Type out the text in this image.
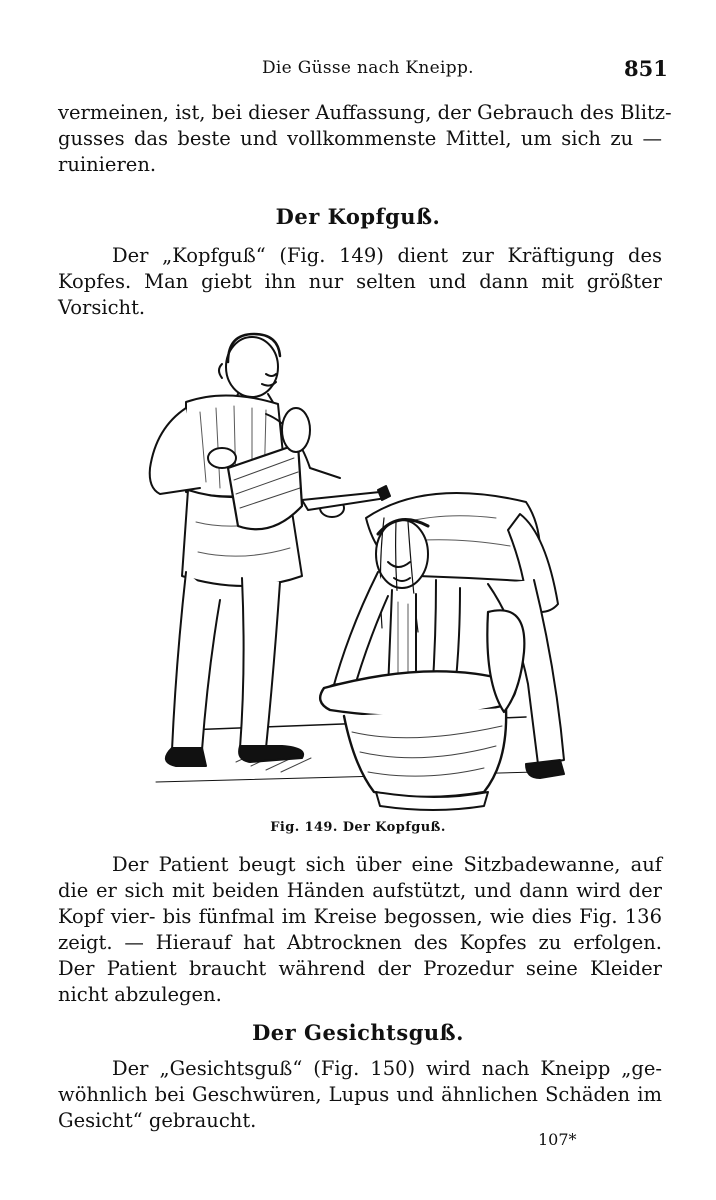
Die Güsse nach Kneipp.	851
vermeinen, ist, bei dieser Auffassung, der Gebrauch des Blitz-
gusses das beste und vollkommenste Mittel, um sich zu —
ruinieren.
Der Kopfguß.
Der „Kopfguß“ (Fig. 149) dient zur Kräftigung des
Kopfes. Man giebt ihn nur selten und dann mit größter
Vorsicht.
Fig. 149. Der Kopfguß.
Der Patient beugt sich über eine Sitzbadewanne, auf
die er sich mit beiden Händen aufstützt, und dann wird der
Kopf vier- bis fünfmal im Kreise begossen, wie dies Fig. 136
zeigt. — Hierauf hat Abtrocknen des Kopfes zu erfolgen.
Der Patient braucht während der Prozedur seine Kleider
nicht abzulegen.
Der Gesichtsguß.
Der „Gesichtsguß“ (Fig. 150) wird nach Kneipp „ge-
wöhnlich bei Geschwüren, Lupus und ähnlichen Schäden im
Gesicht“ gebraucht.
107*
